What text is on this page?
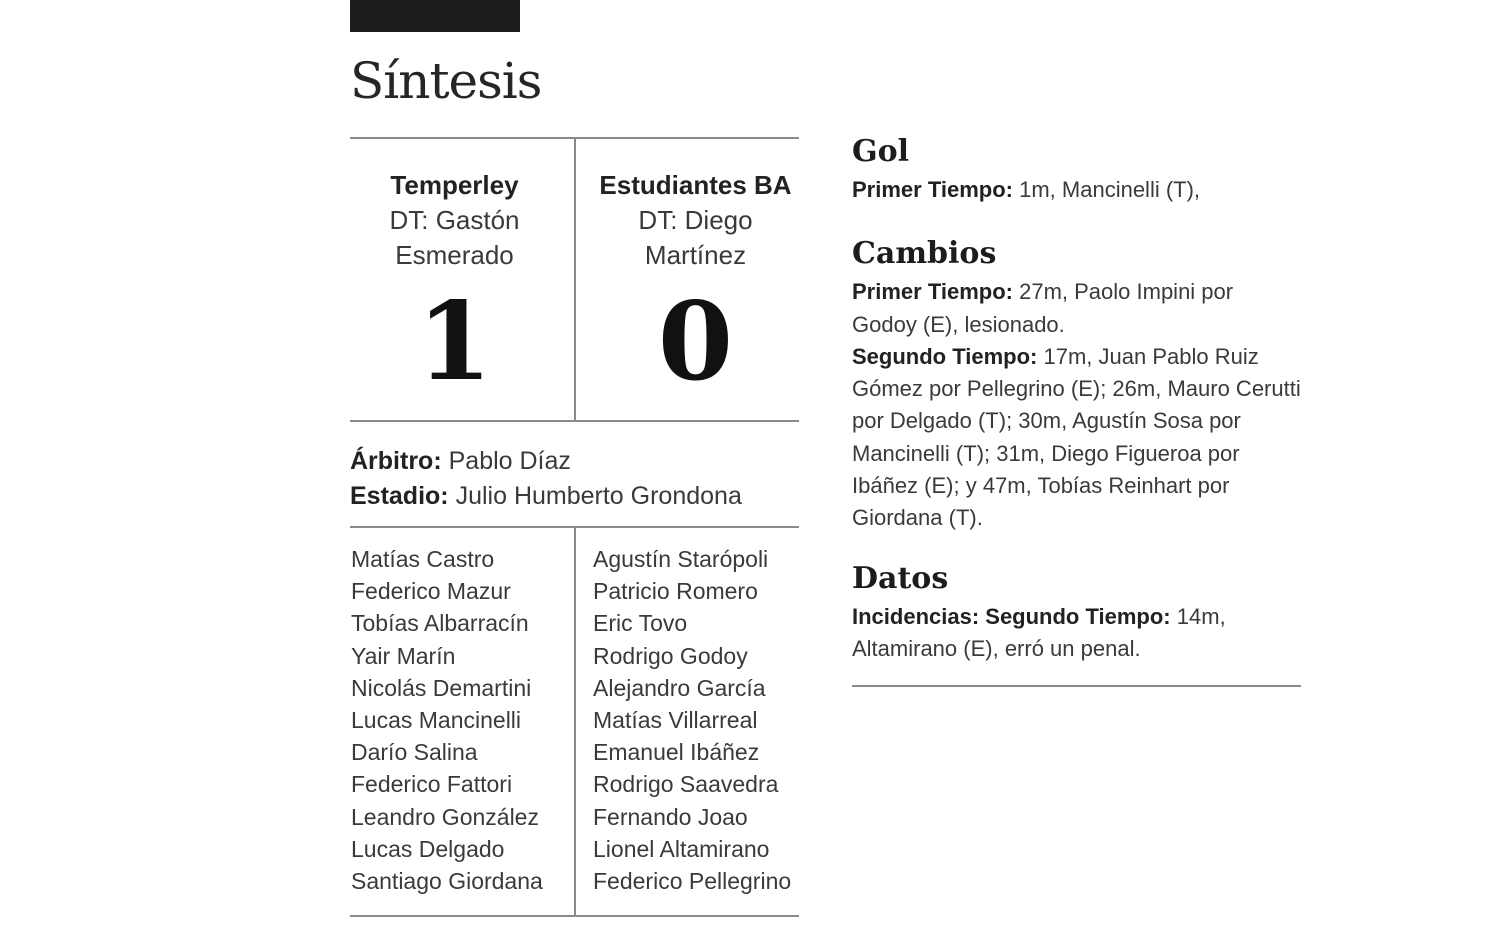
Síntesis
Temperley
DT: Gastón
Esmerado
Estudiantes BA
DT: Diego
Martínez
1	0
Árbitro: Pablo Díaz
Estadio: Julio Humberto Grondona
Matías Castro
Federico Mazur
Tobías Albarracín
Yair Marín
Nicolás Demartini
Lucas Mancinelli
Darío Salina
Federico Fattori
Leandro González
Lucas Delgado
Santiago Giordana
Agustín Starópoli
Patricio Romero
Eric Tovo
Rodrigo Godoy
Alejandro García
Matías Villarreal
Emanuel Ibáñez
Rodrigo Saavedra
Fernando Joao
Lionel Altamirano
Federico Pellegrino
Gol

Primer Tiempo: 1m, Mancinelli (T),

Cambios

Primer Tiempo: 27m, Paolo Impini por Godoy (E), lesionado.

Segundo Tiempo: 17m, Juan Pablo Ruiz Gómez por Pellegrino (E); 26m, Mauro Cerutti por Delgado (T); 30m, Agustín Sosa por Mancinelli (T); 31m, Diego Figueroa por Ibáñez (E); y 47m, Tobías Reinhart por Giordana (T).

Datos

Incidencias: Segundo Tiempo: 14m, Altamirano (E), erró un penal.
